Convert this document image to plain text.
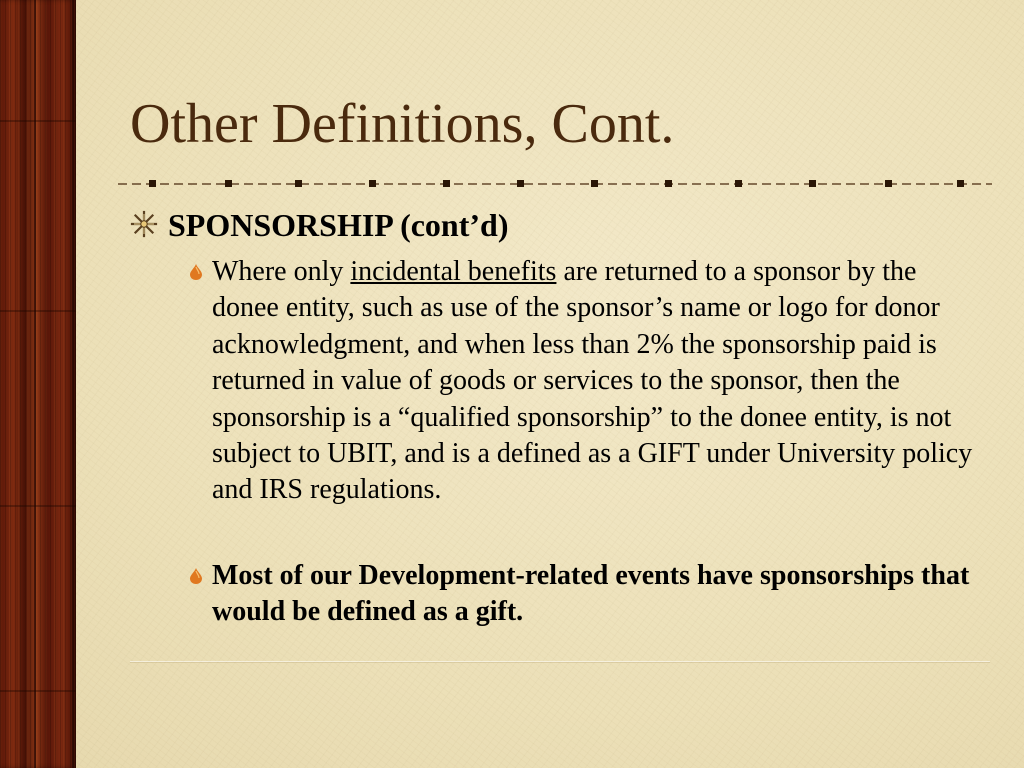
Other Definitions, Cont.
SPONSORSHIP (cont’d)
Where only incidental benefits are returned to a sponsor by the donee entity, such as use of the sponsor’s name or logo for donor acknowledgment, and when less than 2% the sponsorship paid is returned in value of goods or services to the sponsor, then the sponsorship is a “qualified sponsorship” to the donee entity, is not subject to UBIT, and is a defined as a GIFT under University policy and IRS regulations.
Most of our Development-related events have sponsorships that would be defined as a gift.
